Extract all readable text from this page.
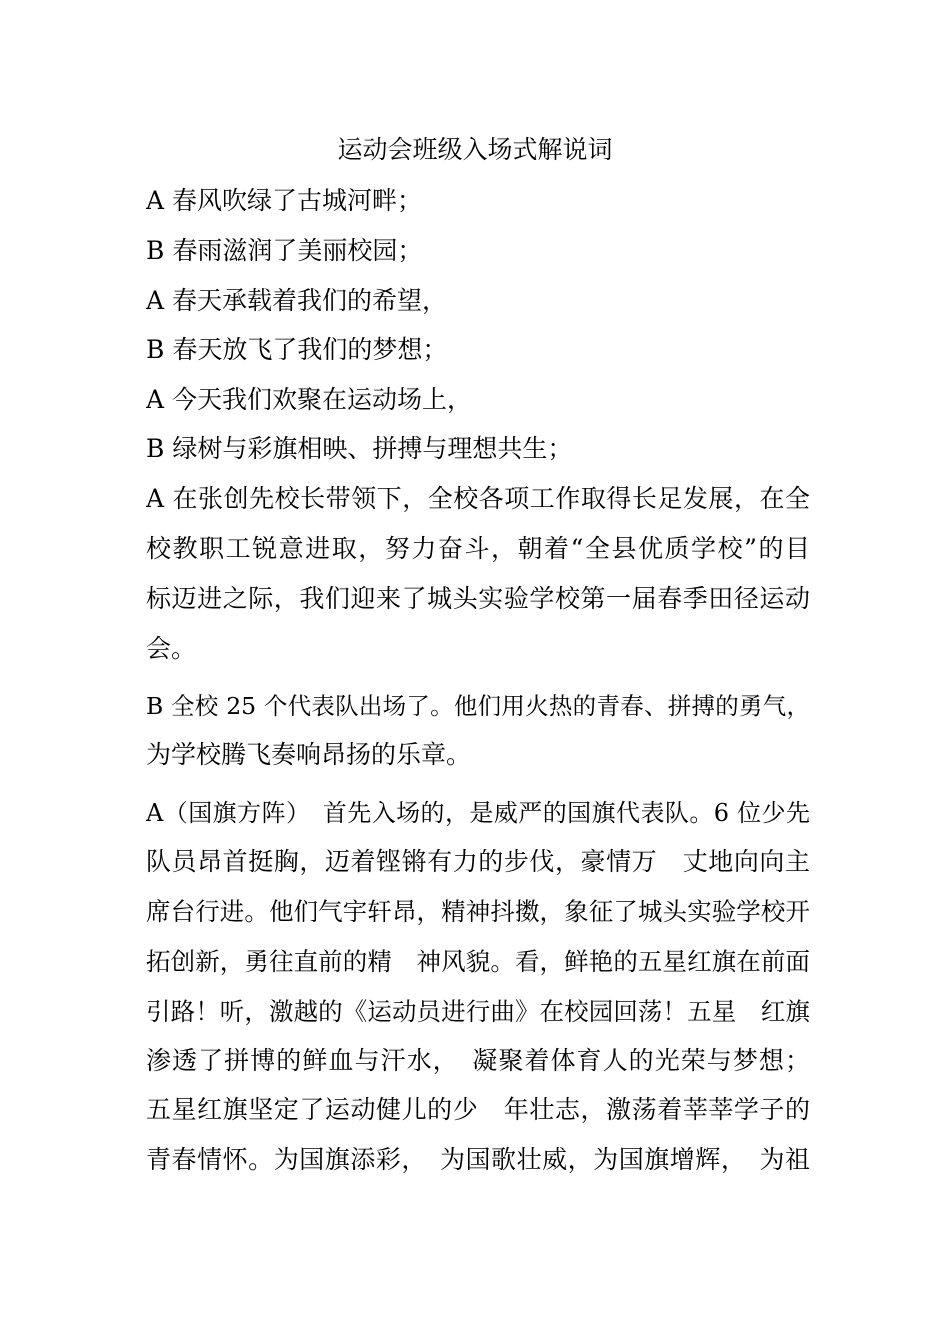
运动会班级入场式解说词
A 春风吹绿了古城河畔；
B 春雨滋润了美丽校园；
A 春天承载着我们的希望，
B 春天放飞了我们的梦想；
A 今天我们欢聚在运动场上，
B 绿树与彩旗相映、拼搏与理想共生；
A 在张创先校长带领下，全校各项工作取得长足发展，在全
校教职工锐意进取，努力奋斗，朝着“全县优质学校”的目
标迈进之际，我们迎来了城头实验学校第一届春季田径运动
会。
B 全校 25 个代表队出场了。他们用火热的青春、拼搏的勇气，
为学校腾飞奏响昂扬的乐章。
A（国旗方阵）　首先入场的，是威严的国旗代表队。6 位少先
队员昂首挺胸，迈着铿锵有力的步伐，豪情万　丈地向向主
席台行进。他们气宇轩昂，精神抖擞，象征了城头实验学校开
拓创新，勇往直前的精　神风貌。看，鲜艳的五星红旗在前面
引路！听，激越的《运动员进行曲》在校园回荡！五星　红旗
渗透了拼博的鲜血与汗水，　凝聚着体育人的光荣与梦想；
五星红旗坚定了运动健儿的少　年壮志，激荡着莘莘学子的
青春情怀。为国旗添彩，　为国歌壮威，为国旗增辉，　为祖
